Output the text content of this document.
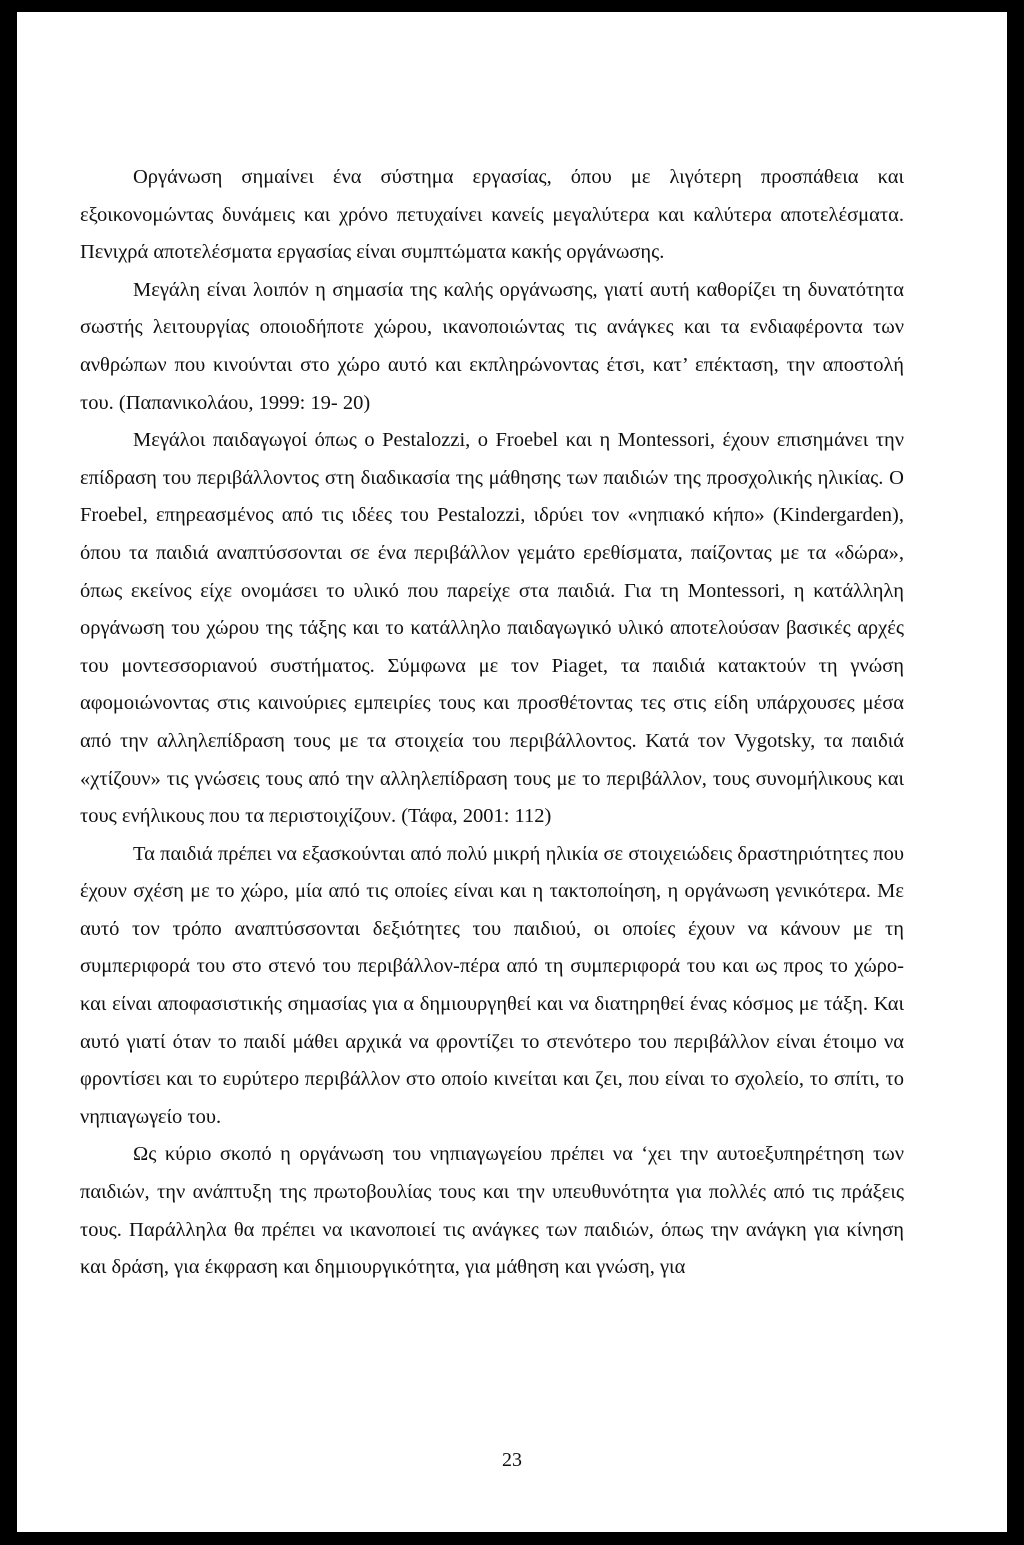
Οργάνωση σημαίνει ένα σύστημα εργασίας, όπου με λιγότερη προσπάθεια και εξοικονομώντας δυνάμεις και χρόνο πετυχαίνει κανείς μεγαλύτερα και καλύτερα αποτελέσματα. Πενιχρά αποτελέσματα εργασίας είναι συμπτώματα κακής οργάνωσης.

Μεγάλη είναι λοιπόν η σημασία της καλής οργάνωσης, γιατί αυτή καθορίζει τη δυνατότητα σωστής λειτουργίας οποιοδήποτε χώρου, ικανοποιώντας τις ανάγκες και τα ενδιαφέροντα των ανθρώπων που κινούνται στο χώρο αυτό και εκπληρώνοντας έτσι, κατ’ επέκταση, την αποστολή του. (Παπανικολάου, 1999: 19- 20)

Μεγάλοι παιδαγωγοί όπως ο Pestalozzi, ο Froebel και η Montessori, έχουν επισημάνει την επίδραση του περιβάλλοντος στη διαδικασία της μάθησης των παιδιών της προσχολικής ηλικίας. Ο Froebel, επηρεασμένος από τις ιδέες του Pestalozzi, ιδρύει τον «νηπιακό κήπο» (Kindergarden), όπου τα παιδιά αναπτύσσονται σε ένα περιβάλλον γεμάτο ερεθίσματα, παίζοντας με τα «δώρα», όπως εκείνος είχε ονομάσει το υλικό που παρείχε στα παιδιά. Για τη Montessori, η κατάλληλη οργάνωση του χώρου της τάξης και το κατάλληλο παιδαγωγικό υλικό αποτελούσαν βασικές αρχές του μοντεσσοριανού συστήματος. Σύμφωνα με τον Piaget, τα παιδιά κατακτούν τη γνώση αφομοιώνοντας στις καινούριες εμπειρίες τους και προσθέτοντας τες στις είδη υπάρχουσες μέσα από την αλληλεπίδραση τους με τα στοιχεία του περιβάλλοντος. Κατά τον Vygotsky, τα παιδιά «χτίζουν» τις γνώσεις τους από την αλληλεπίδραση τους με το περιβάλλον, τους συνομήλικους και τους ενήλικους που τα περιστοιχίζουν. (Τάφα, 2001: 112)

Τα παιδιά πρέπει να εξασκούνται από πολύ μικρή ηλικία σε στοιχειώδεις δραστηριότητες που έχουν σχέση με το χώρο, μία από τις οποίες είναι και η τακτοποίηση, η οργάνωση γενικότερα. Με αυτό τον τρόπο αναπτύσσονται δεξιότητες του παιδιού, οι οποίες έχουν να κάνουν με τη συμπεριφορά του στο στενό του περιβάλλον-πέρα από τη συμπεριφορά του και ως προς το χώρο- και είναι αποφασιστικής σημασίας για α δημιουργηθεί και να διατηρηθεί ένας κόσμος με τάξη. Και αυτό γιατί όταν το παιδί μάθει αρχικά να φροντίζει το στενότερο του περιβάλλον είναι έτοιμο να φροντίσει και το ευρύτερο περιβάλλον στο οποίο κινείται και ζει, που είναι το σχολείο, το σπίτι, το νηπιαγωγείο του.

Ως κύριο σκοπό η οργάνωση του νηπιαγωγείου πρέπει να ‘χει την αυτοεξυπηρέτηση των παιδιών, την ανάπτυξη της πρωτοβουλίας τους και την υπευθυνότητα για πολλές από τις πράξεις τους. Παράλληλα θα πρέπει να ικανοποιεί τις ανάγκες των παιδιών, όπως την ανάγκη για κίνηση και δράση, για έκφραση και δημιουργικότητα, για μάθηση και γνώση, για

23
